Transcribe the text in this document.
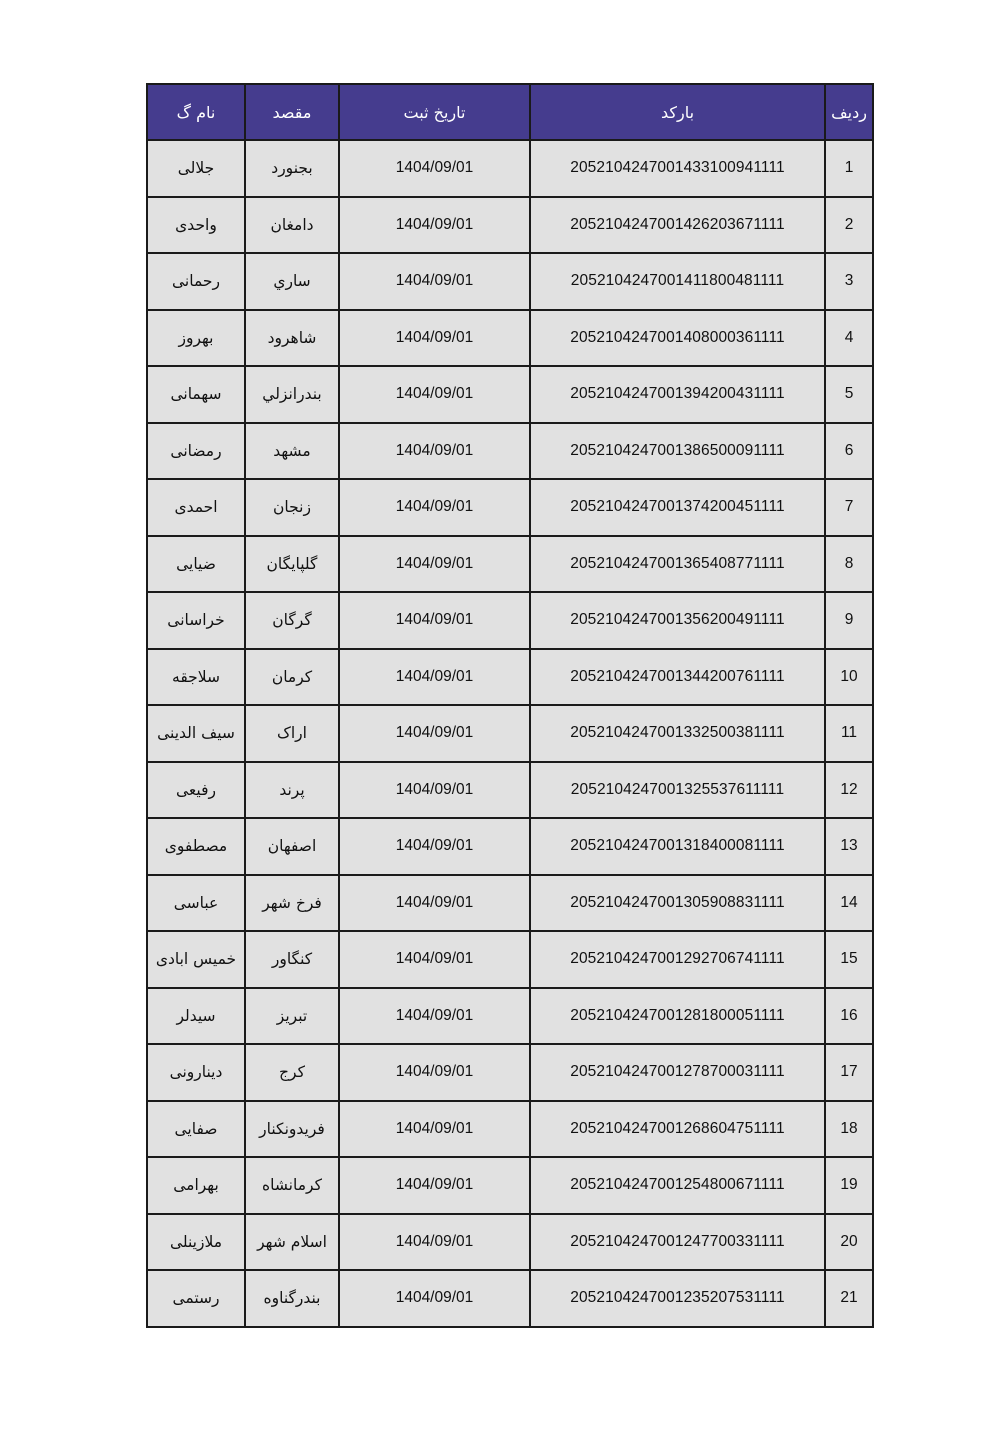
ردیف	بارکد	تاریخ ثبت	مقصد	نام گ
1	2052104247001433100941111	1404/09/01	بجنورد	جلالی
2	2052104247001426203671111	1404/09/01	دامغان	واحدی
3	2052104247001411800481111	1404/09/01	ساري	رحمانی
4	2052104247001408000361111	1404/09/01	شاهرود	بهروز
5	2052104247001394200431111	1404/09/01	بندرانزلي	سهمانی
6	2052104247001386500091111	1404/09/01	مشهد	رمضانی
7	2052104247001374200451111	1404/09/01	زنجان	احمدی
8	2052104247001365408771111	1404/09/01	گلپایگان	ضیایی
9	2052104247001356200491111	1404/09/01	گرگان	خراسانی
10	2052104247001344200761111	1404/09/01	کرمان	سلاجقه
11	2052104247001332500381111	1404/09/01	اراک	سیف الدینی
12	2052104247001325537611111	1404/09/01	پرند	رفیعی
13	2052104247001318400081111	1404/09/01	اصفهان	مصطفوی
14	2052104247001305908831111	1404/09/01	فرخ شهر	عباسی
15	2052104247001292706741111	1404/09/01	کنگاور	خمیس ابادی
16	2052104247001281800051111	1404/09/01	تبریز	سیدلر
17	2052104247001278700031111	1404/09/01	کرج	دینارونی
18	2052104247001268604751111	1404/09/01	فریدونکنار	صفایی
19	2052104247001254800671111	1404/09/01	کرمانشاه	بهرامی
20	2052104247001247700331111	1404/09/01	اسلام شهر	ملازینلی
21	2052104247001235207531111	1404/09/01	بندرگناوه	رستمی
